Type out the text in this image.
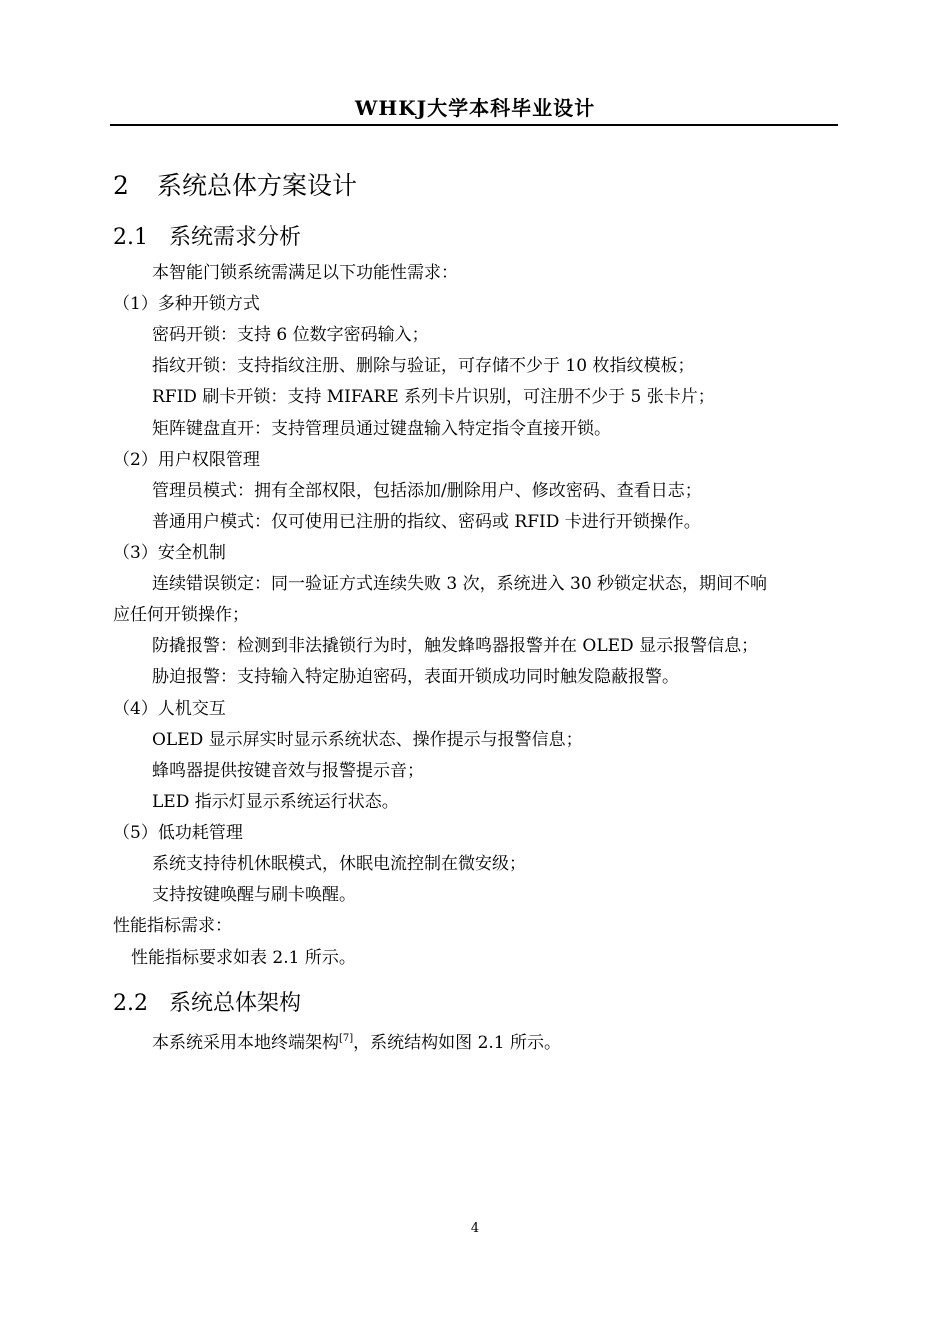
WHKJ大学本科毕业设计
2 系统总体方案设计
2.1 系统需求分析
本智能门锁系统需满足以下功能性需求：
（1）多种开锁方式
密码开锁：支持 6 位数字密码输入；
指纹开锁：支持指纹注册、删除与验证，可存储不少于 10 枚指纹模板；
RFID 刷卡开锁：支持 MIFARE 系列卡片识别，可注册不少于 5 张卡片；
矩阵键盘直开：支持管理员通过键盘输入特定指令直接开锁。
（2）用户权限管理
管理员模式：拥有全部权限，包括添加/删除用户、修改密码、查看日志；
普通用户模式：仅可使用已注册的指纹、密码或 RFID 卡进行开锁操作。
（3）安全机制
连续错误锁定：同一验证方式连续失败 3 次，系统进入 30 秒锁定状态，期间不响
应任何开锁操作；
防撬报警：检测到非法撬锁行为时，触发蜂鸣器报警并在 OLED 显示报警信息；
胁迫报警：支持输入特定胁迫密码，表面开锁成功同时触发隐蔽报警。
（4）人机交互
OLED 显示屏实时显示系统状态、操作提示与报警信息；
蜂鸣器提供按键音效与报警提示音；
LED 指示灯显示系统运行状态。
（5）低功耗管理
系统支持待机休眠模式，休眠电流控制在微安级；
支持按键唤醒与刷卡唤醒。
性能指标需求：
性能指标要求如表 2.1 所示。
2.2 系统总体架构
本系统采用本地终端架构[7]，系统结构如图 2.1 所示。
4
